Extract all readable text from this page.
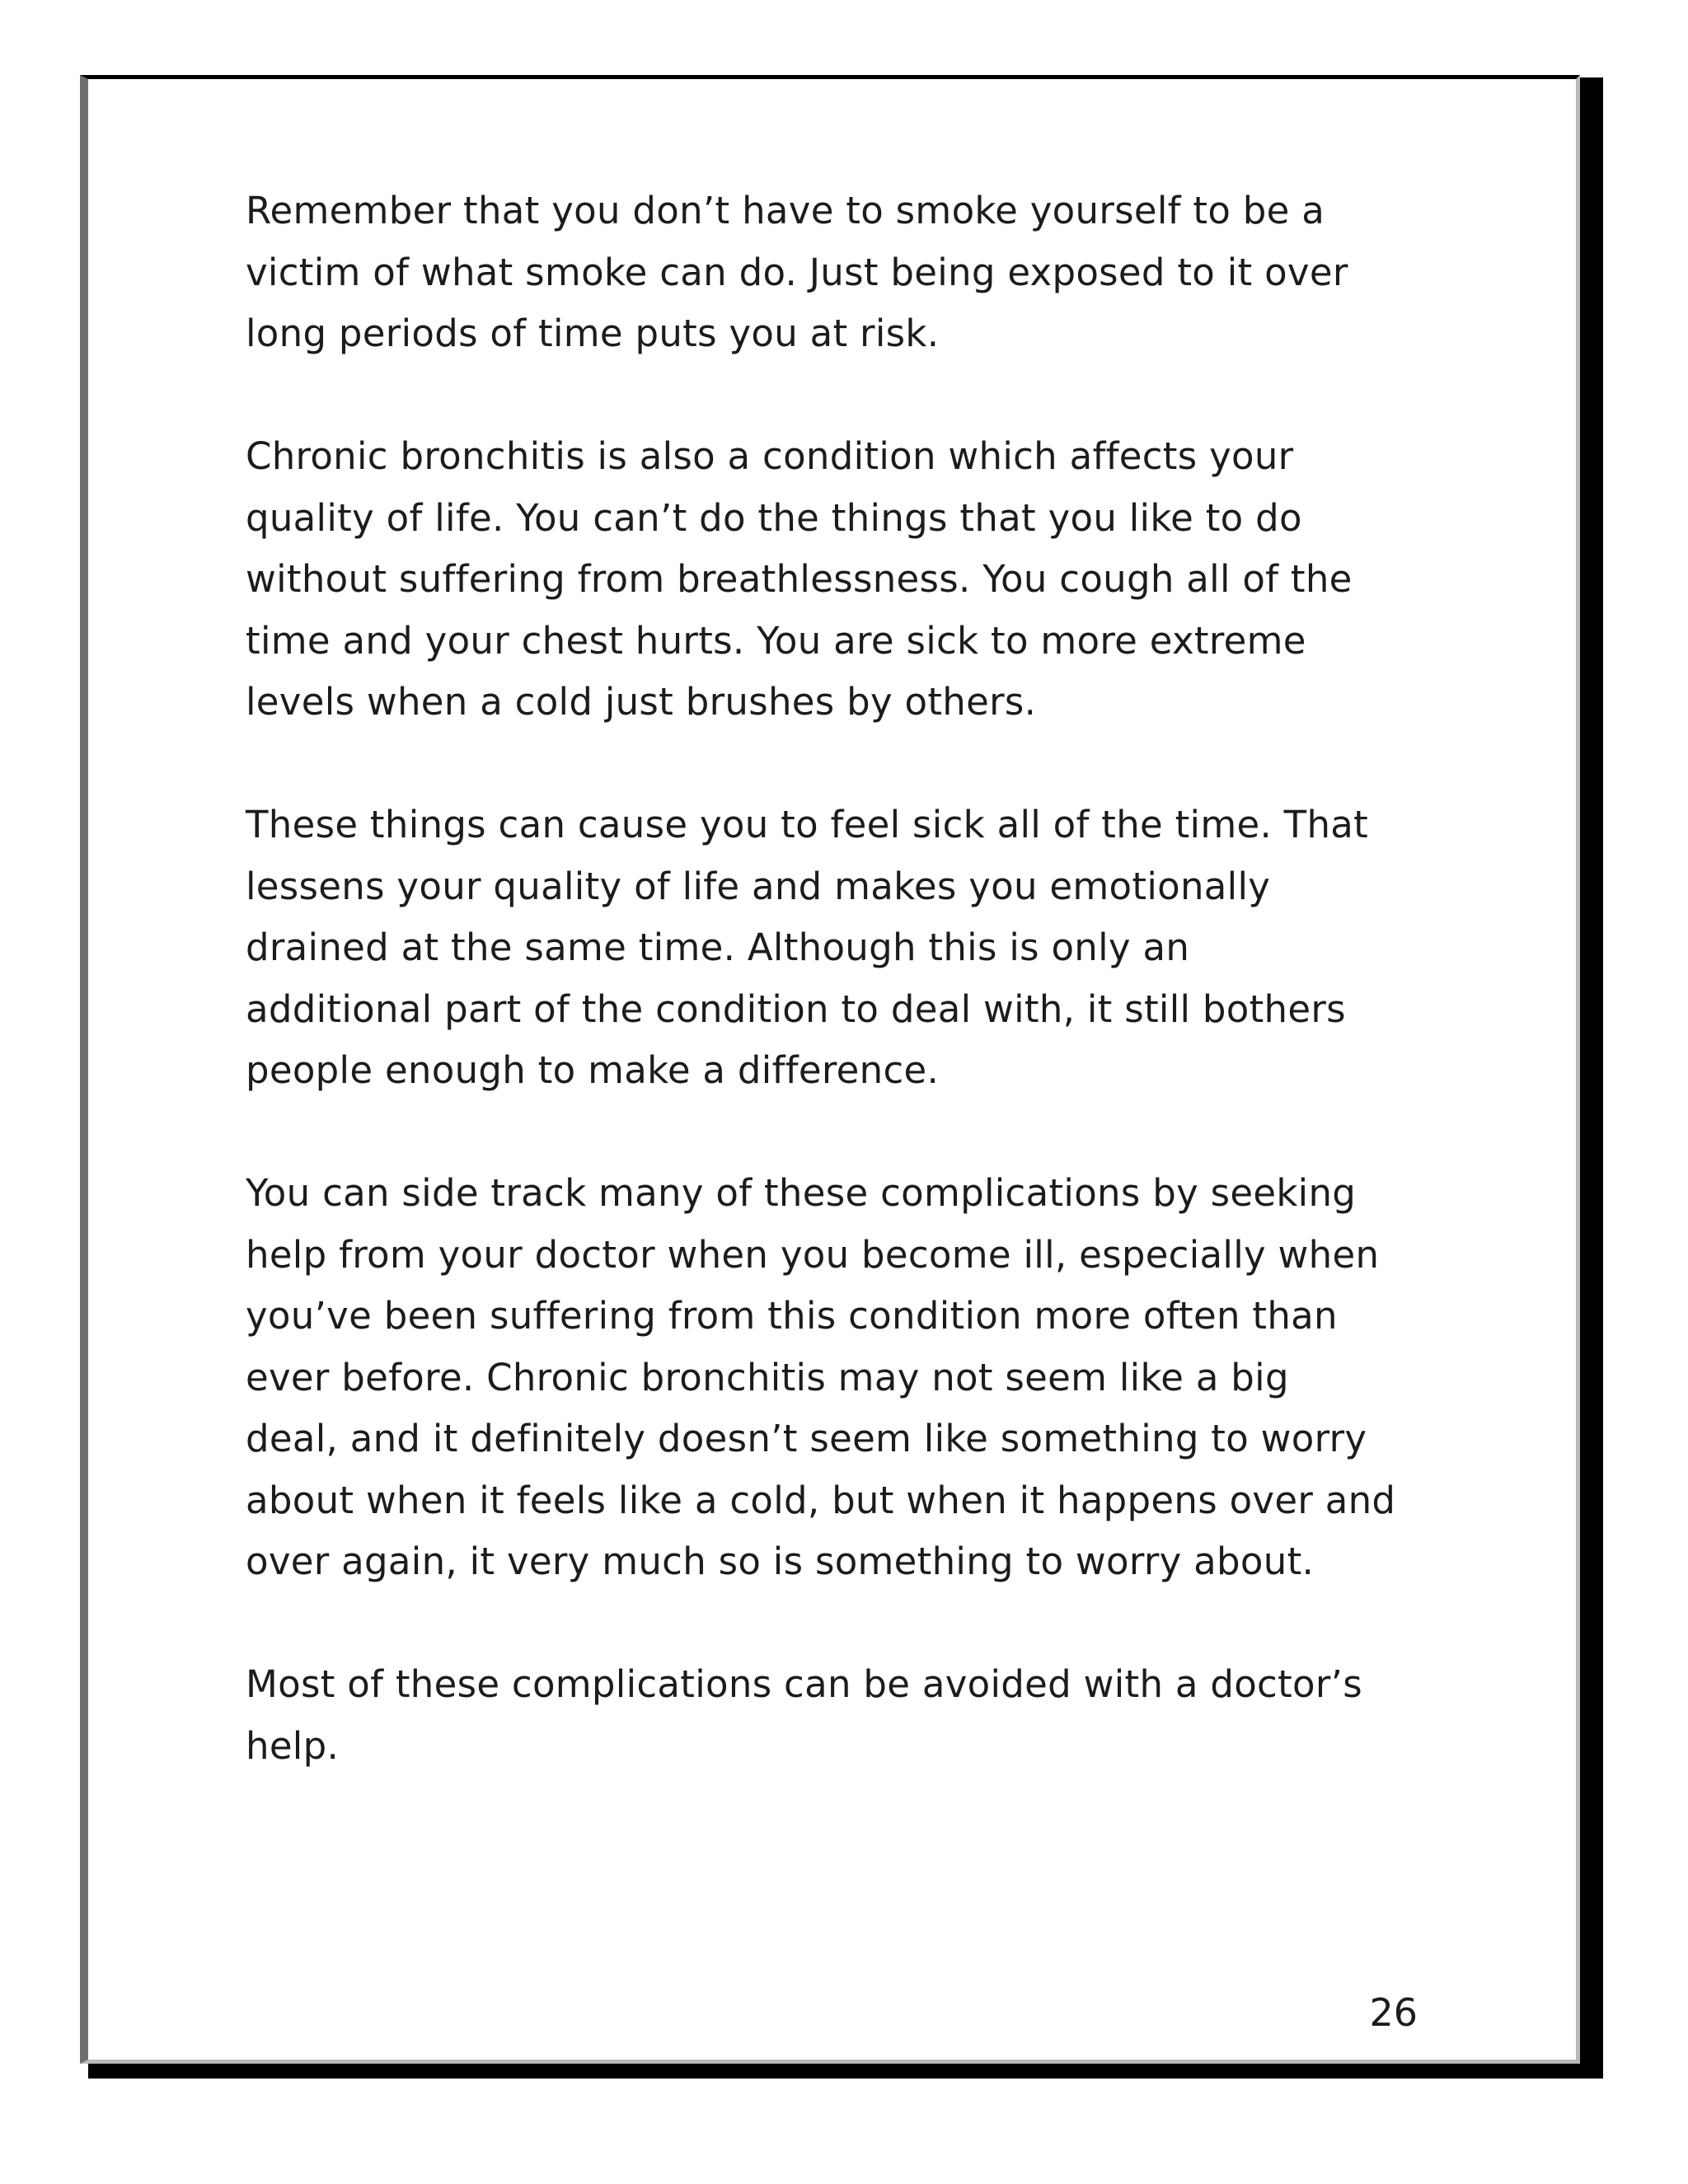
Remember that you don’t have to smoke yourself to be a
victim of what smoke can do. Just being exposed to it over
long periods of time puts you at risk.

Chronic bronchitis is also a condition which affects your
quality of life. You can’t do the things that you like to do
without suffering from breathlessness. You cough all of the
time and your chest hurts. You are sick to more extreme
levels when a cold just brushes by others.

These things can cause you to feel sick all of the time. That
lessens your quality of life and makes you emotionally
drained at the same time. Although this is only an
additional part of the condition to deal with, it still bothers
people enough to make a difference.

You can side track many of these complications by seeking
help from your doctor when you become ill, especially when
you’ve been suffering from this condition more often than
ever before. Chronic bronchitis may not seem like a big
deal, and it definitely doesn’t seem like something to worry
about when it feels like a cold, but when it happens over and
over again, it very much so is something to worry about.

Most of these complications can be avoided with a doctor’s
help.

26
